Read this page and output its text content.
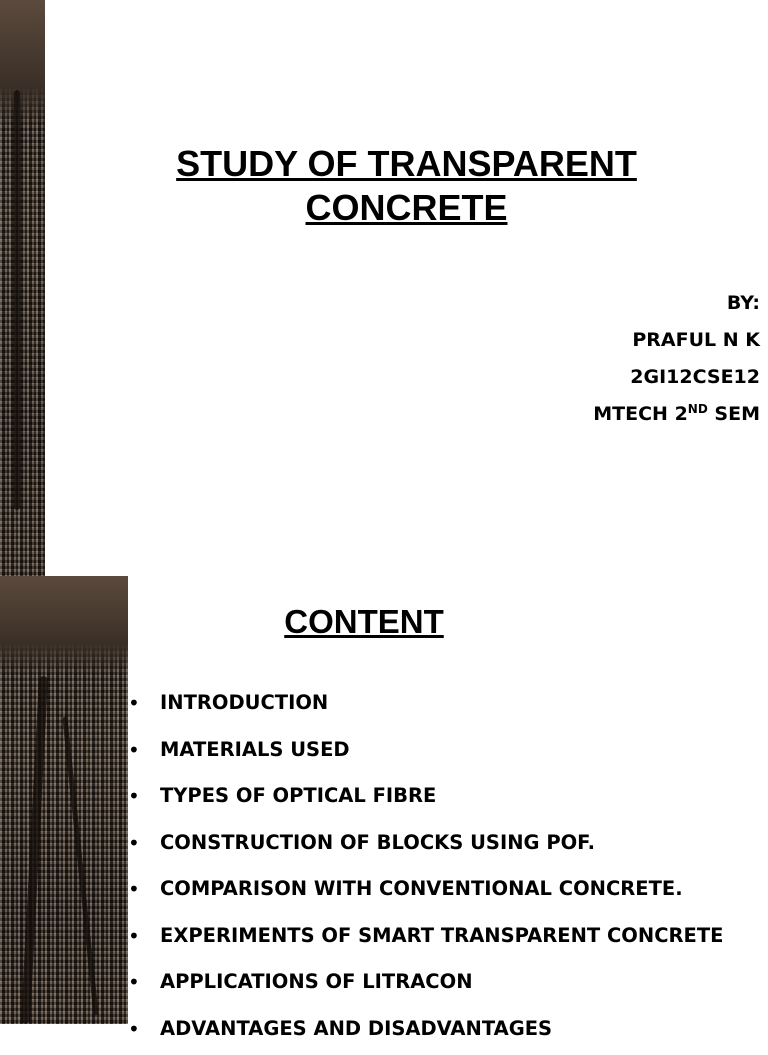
STUDY OF TRANSPARENT
CONCRETE
BY:
PRAFUL N K
2GI12CSE12
MTECH 2ND SEM
CONTENT
• INTRODUCTION
• MATERIALS USED
• TYPES OF OPTICAL FIBRE
• CONSTRUCTION OF BLOCKS USING POF.
• COMPARISON WITH CONVENTIONAL CONCRETE.
• EXPERIMENTS OF SMART TRANSPARENT CONCRETE
• APPLICATIONS OF LITRACON
• ADVANTAGES AND DISADVANTAGES
